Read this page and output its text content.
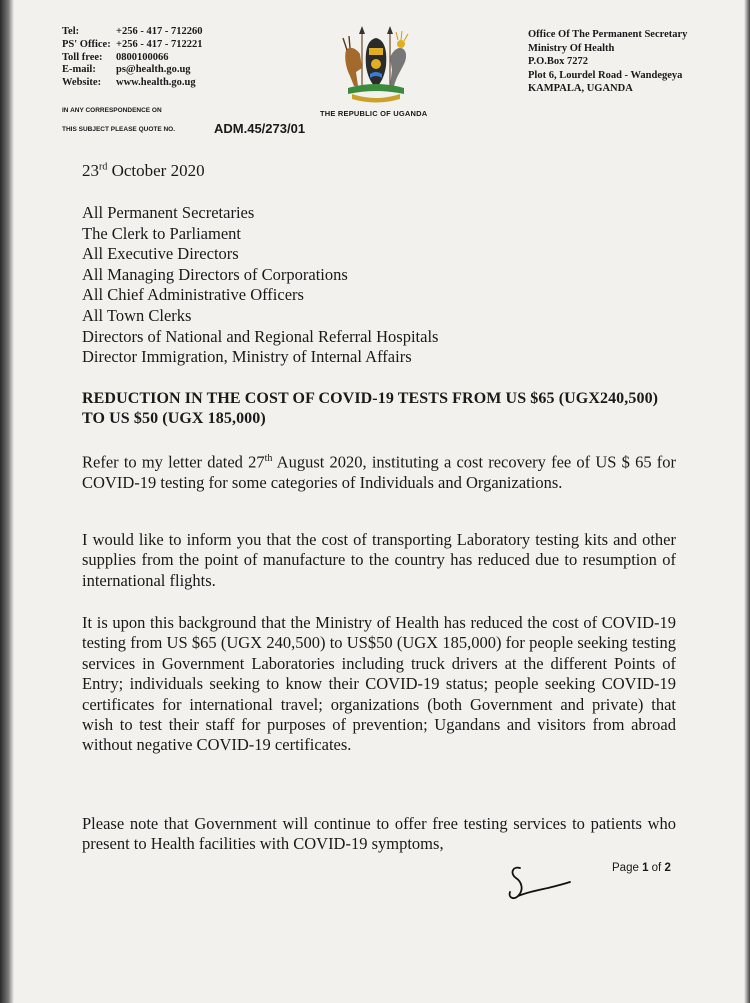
Tel:	+256 - 417 - 712260
PS' Office: +256 - 417 - 712221
Toll free:	0800100066
E-mail:	ps@health.go.ug
Website:	www.health.go.ug
Office Of The Permanent Secretary
Ministry Of Health
P.O.Box 7272
Plot 6, Lourdel Road - Wandegeya
KAMPALA, UGANDA
IN ANY CORRESPONDENCE ON	THE REPUBLIC OF UGANDA
THIS SUBJECT PLEASE QUOTE NO.	ADM.45/273/01
23rd October 2020
All Permanent Secretaries
The Clerk to Parliament
All Executive Directors
All Managing Directors of Corporations
All Chief Administrative Officers
All Town Clerks
Directors of National and Regional Referral Hospitals
Director Immigration, Ministry of Internal Affairs
REDUCTION IN THE COST OF COVID-19 TESTS FROM US $65 (UGX240,500) TO US $50 (UGX 185,000)
Refer to my letter dated 27th August 2020, instituting a cost recovery fee of US $ 65 for COVID-19 testing for some categories of Individuals and Organizations.
I would like to inform you that the cost of transporting Laboratory testing kits and other supplies from the point of manufacture to the country has reduced due to resumption of international flights.
It is upon this background that the Ministry of Health has reduced the cost of COVID-19 testing from US $65 (UGX 240,500) to US$50 (UGX 185,000) for people seeking testing services in Government Laboratories including truck drivers at the different Points of Entry; individuals seeking to know their COVID-19 status; people seeking COVID-19 certificates for international travel; organizations (both Government and private) that wish to test their staff for purposes of prevention; Ugandans and visitors from abroad without negative COVID-19 certificates.
Please note that Government will continue to offer free testing services to patients who present to Health facilities with COVID-19 symptoms,
Page 1 of 2
